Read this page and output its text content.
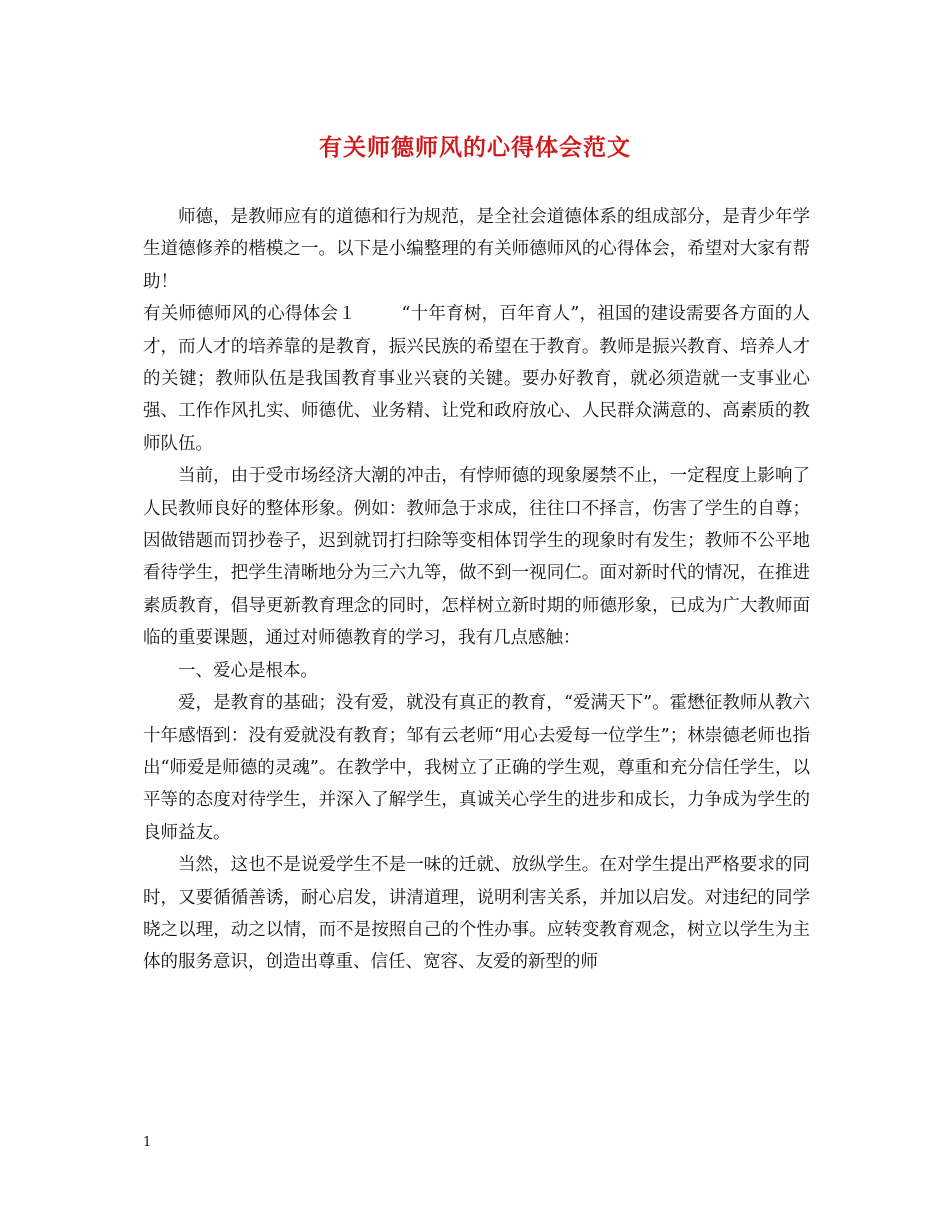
有关师德师风的心得体会范文

师德，是教师应有的道德和行为规范，是全社会道德体系的组成部分，是青少年学生道德修养的楷模之一。以下是小编整理的有关师德师风的心得体会，希望对大家有帮助！

有关师德师风的心得体会１	“十年育树，百年育人”，祖国的建设需要各方面的人才，而人才的培养靠的是教育，振兴民族的希望在于教育。教师是振兴教育、培养人才的关键；教师队伍是我国教育事业兴衰的关键。要办好教育，就必须造就一支事业心强、工作作风扎实、师德优、业务精、让党和政府放心、人民群众满意的、高素质的教师队伍。

当前，由于受市场经济大潮的冲击，有悖师德的现象屡禁不止，一定程度上影响了人民教师良好的整体形象。例如：教师急于求成，往往口不择言，伤害了学生的自尊；因做错题而罚抄卷子，迟到就罚打扫除等变相体罚学生的现象时有发生；教师不公平地看待学生，把学生清晰地分为三六九等，做不到一视同仁。面对新时代的情况，在推进素质教育，倡导更新教育理念的同时，怎样树立新时期的师德形象，已成为广大教师面临的重要课题，通过对师德教育的学习，我有几点感触：

一、爱心是根本。

爱，是教育的基础；没有爱，就没有真正的教育，“爱满天下”。霍懋征教师从教六十年感悟到：没有爱就没有教育；邹有云老师“用心去爱每一位学生”；林崇德老师也指出“师爱是师德的灵魂”。在教学中，我树立了正确的学生观，尊重和充分信任学生，以平等的态度对待学生，并深入了解学生，真诚关心学生的进步和成长，力争成为学生的良师益友。

当然，这也不是说爱学生不是一味的迁就、放纵学生。在对学生提出严格要求的同时，又要循循善诱，耐心启发，讲清道理，说明利害关系，并加以启发。对违纪的同学晓之以理，动之以情，而不是按照自己的个性办事。应转变教育观念，树立以学生为主体的服务意识，创造出尊重、信任、宽容、友爱的新型的师

1
